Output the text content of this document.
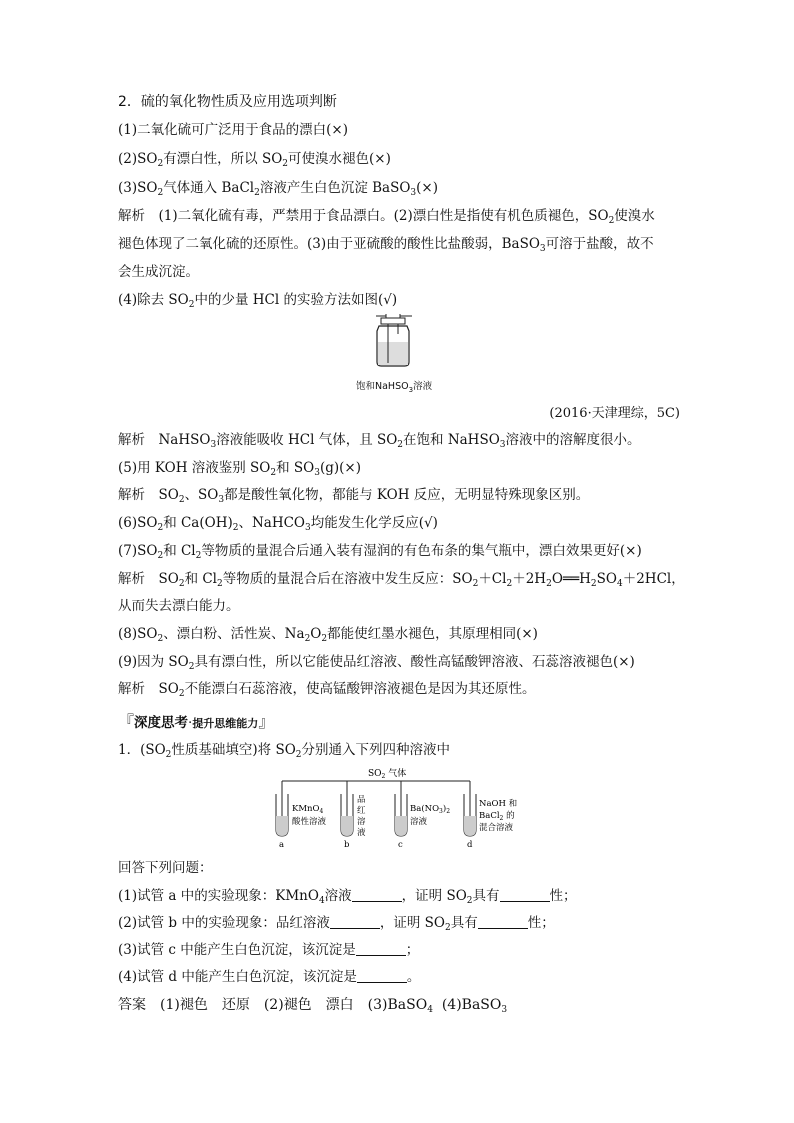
2．硫的氧化物性质及应用选项判断
(1)二氧化硫可广泛用于食品的漂白(×)
$(2)SO_2$有漂白性，所以 $SO_2$可使溴水褪色(×)
$(3)SO_2$气体通入 BaCl$_2$溶液产生白色沉淀 BaSO$_3$(×)
解析　(1)二氧化硫有毒，严禁用于食品漂白。(2)漂白性是指使有机色质褪色，$SO_2$使溴水
褪色体现了二氧化硫的还原性。(3)由于亚硫酸的酸性比盐酸弱，BaSO$_3$可溶于盐酸，故不
会生成沉淀。
(4)除去 $SO_2$中的少量 HCl 的实验方法如图(√)
饱和NaHSO$_3$溶液
(2016·天津理综，5C)
解析　NaHSO$_3$溶液能吸收 HCl 气体，且 $SO_2$在饱和 NaHSO$_3$溶液中的溶解度很小。
(5)用 KOH 溶液鉴别 $SO_2$和 $SO_3(g)(\times)$
解析　$SO_2$、$SO_3$都是酸性氧化物，都能与 KOH 反应，无明显特殊现象区别。
$(6)SO_2$和 $Ca(OH)_2$、NaHCO$_3$均能发生化学反应(√)
$(7)SO_2$和 $Cl_2$等物质的量混合后通入装有湿润的有色布条的集气瓶中，漂白效果更好(×)
解析　$SO_2$和 $Cl_2$等物质的量混合后在溶液中发生反应：$SO_2+Cl_2+2H_2O══H_2SO_4+2HCl$，
从而失去漂白能力。
$(8)SO_2$、漂白粉、活性炭、$Na_2O_2$都能使红墨水褪色，其原理相同(×)
(9)因为 $SO_2$具有漂白性，所以它能使品红溶液、酸性高锰酸钾溶液、石蕊溶液褪色(×)
解析　$SO_2$不能漂白石蕊溶液，使高锰酸钾溶液褪色是因为其还原性。
『深度思考·提升思维能力』
1．($SO_2$性质基础填空)将 $SO_2$分别通入下列四种溶液中
$SO_2$ 气体
KMnO$_4$
酸性溶液
品
红
溶
液
$Ba(NO_3)_2$
溶液
NaOH 和
BaCl$_2$ 的
混合溶液
a	b	c	d
回答下列问题：
(1)试管 a 中的实验现象：KMnO$_4$溶液	，证明 $SO_2$具有	性；
(2)试管 b 中的实验现象：品红溶液	，证明 $SO_2$具有	性；
(3)试管 c 中能产生白色沉淀，该沉淀是	；
(4)试管 d 中能产生白色沉淀，该沉淀是	。
答案　(1)褪色　还原　(2)褪色　漂白　(3)BaSO$_4$  (4)BaSO$_3$
